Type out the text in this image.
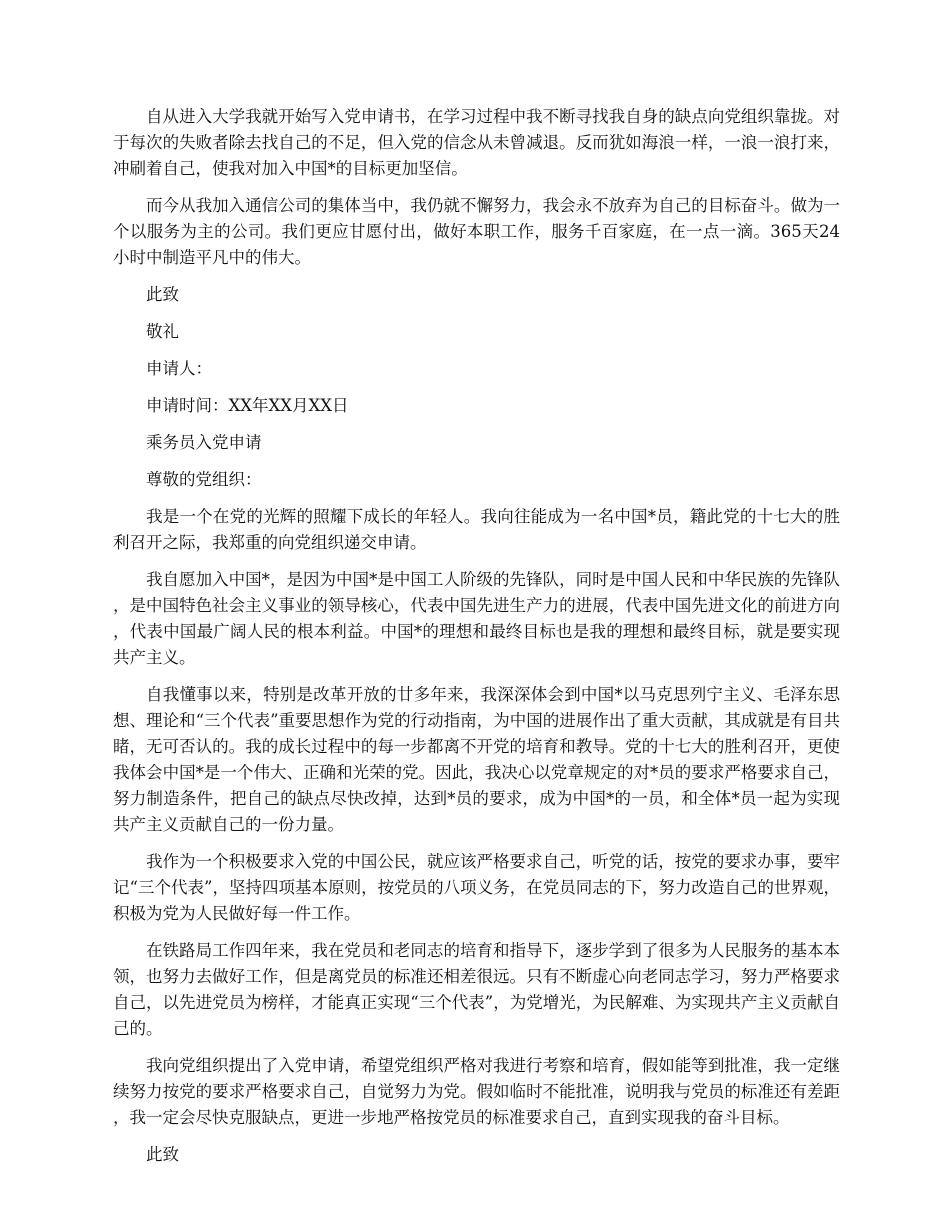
自从进入大学我就开始写入党申请书，在学习过程中我不断寻找我自身的缺点向党组织靠拢。对于每次的失败者除去找自己的不足，但入党的信念从未曾减退。反而犹如海浪一样，一浪一浪打来，冲刷着自己，使我对加入中国*的目标更加坚信。

而今从我加入通信公司的集体当中，我仍就不懈努力，我会永不放弃为自己的目标奋斗。做为一个以服务为主的公司。我们更应甘愿付出，做好本职工作，服务千百家庭，在一点一滴。365天24小时中制造平凡中的伟大。

此致

敬礼

申请人：

申请时间：XX年XX月XX日

乘务员入党申请

尊敬的党组织：

我是一个在党的光辉的照耀下成长的年轻人。我向往能成为一名中国*员，籍此党的十七大的胜利召开之际，我郑重的向党组织递交申请。

我自愿加入中国*，是因为中国*是中国工人阶级的先锋队，同时是中国人民和中华民族的先锋队，是中国特色社会主义事业的领导核心，代表中国先进生产力的进展，代表中国先进文化的前进方向，代表中国最广阔人民的根本利益。中国*的理想和最终目标也是我的理想和最终目标，就是要实现共产主义。

自我懂事以来，特别是改革开放的廿多年来，我深深体会到中国*以马克思列宁主义、毛泽东思想、理论和“三个代表”重要思想作为党的行动指南，为中国的进展作出了重大贡献，其成就是有目共睹，无可否认的。我的成长过程中的每一步都离不开党的培育和教导。党的十七大的胜利召开，更使我体会中国*是一个伟大、正确和光荣的党。因此，我决心以党章规定的对*员的要求严格要求自己，努力制造条件，把自己的缺点尽快改掉，达到*员的要求，成为中国*的一员，和全体*员一起为实现共产主义贡献自己的一份力量。

我作为一个积极要求入党的中国公民，就应该严格要求自己，听党的话，按党的要求办事，要牢记“三个代表”，坚持四项基本原则，按党员的八项义务，在党员同志的下，努力改造自己的世界观，积极为党为人民做好每一件工作。

在铁路局工作四年来，我在党员和老同志的培育和指导下，逐步学到了很多为人民服务的基本本领，也努力去做好工作，但是离党员的标准还相差很远。只有不断虚心向老同志学习，努力严格要求自己，以先进党员为榜样，才能真正实现“三个代表”，为党增光，为民解难、为实现共产主义贡献自己的。

我向党组织提出了入党申请，希望党组织严格对我进行考察和培育，假如能等到批准，我一定继续努力按党的要求严格要求自己，自觉努力为党。假如临时不能批准，说明我与党员的标准还有差距，我一定会尽快克服缺点，更进一步地严格按党员的标准要求自己，直到实现我的奋斗目标。

此致
